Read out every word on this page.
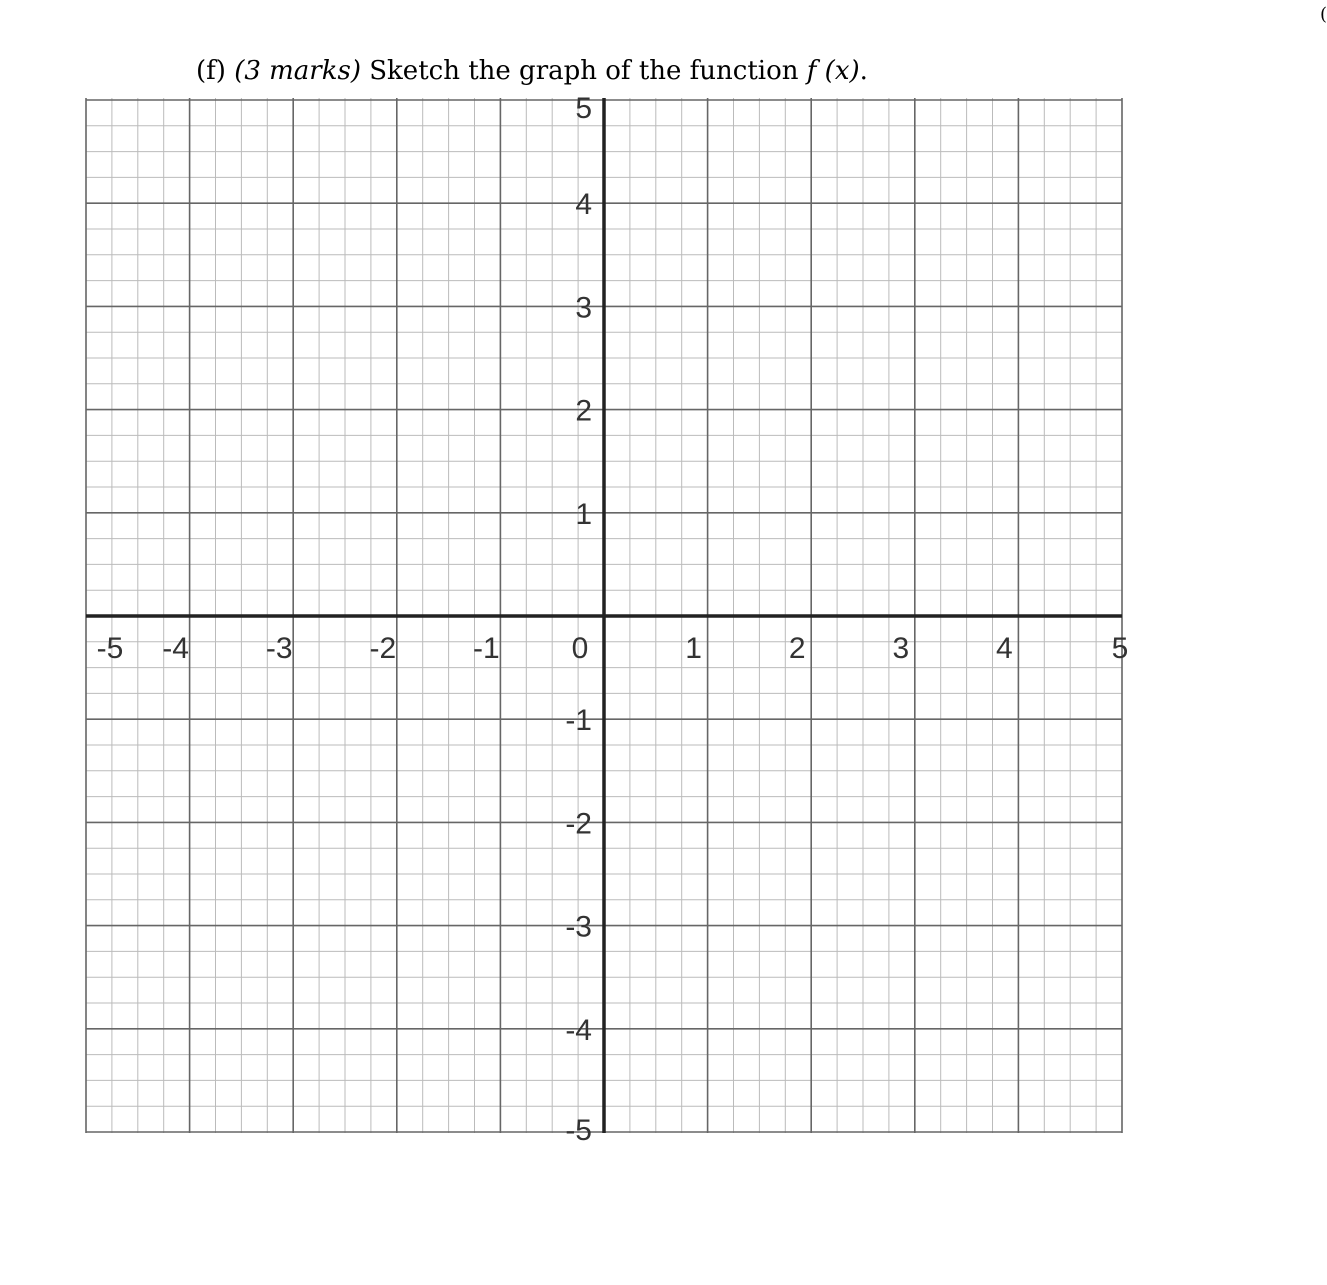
(f) (3 marks) Sketch the graph of the function f (x).
(
-5 -4	-3	-2	-1 0	1	2	3	4	5
5
4
3
2
1
-1
-2
-3
-4
-5
